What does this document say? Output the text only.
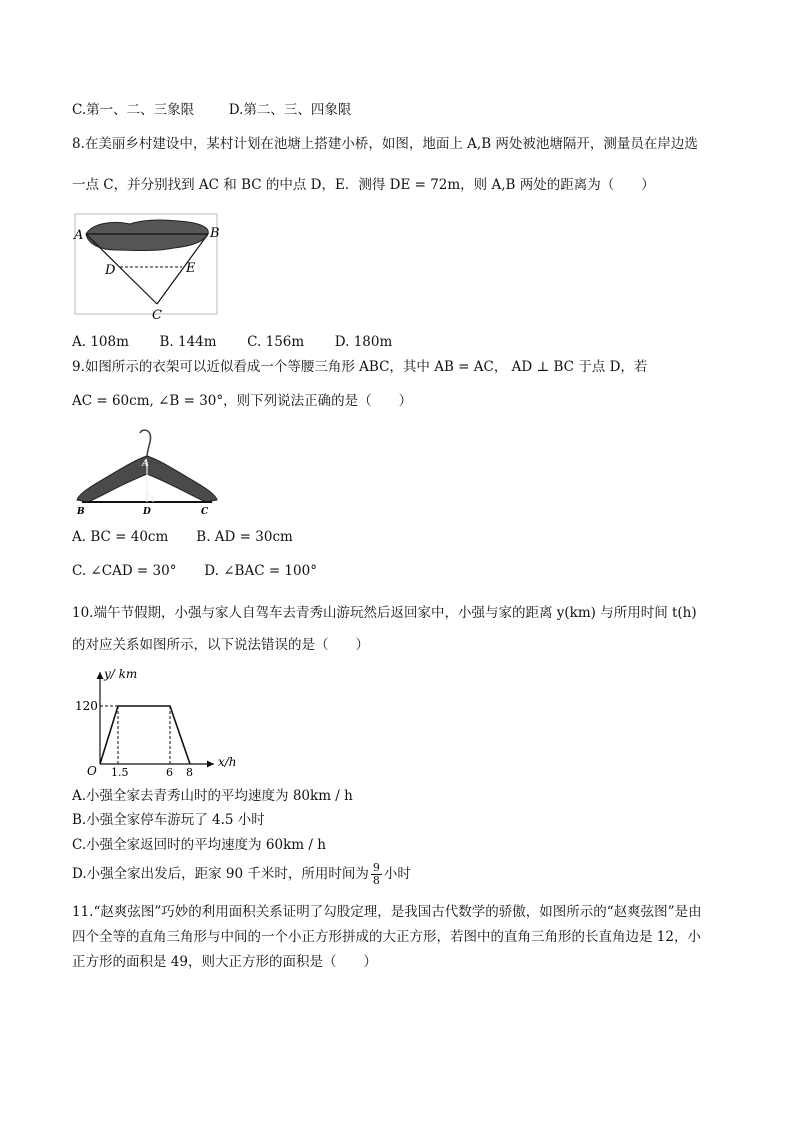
C.第一、二、三象限	D.第二、三、四象限
8.在美丽乡村建设中，某村计划在池塘上搭建小桥，如图，地面上 A,B 两处被池塘隔开，测量员在岸边选
一点 C，并分别找到 AC 和 BC 的中点 D，E．测得 DE = 72m，则 A,B 两处的距离为（　　）
A	B
D	E
C
A. 108m B. 144m C. 156m D. 180m
9.如图所示的衣架可以近似看成一个等腰三角形 ABC，其中 AB = AC， AD ⊥ BC 于点 D，若
AC = 60cm, ∠B = 30°，则下列说法正确的是（　　）
A
B	D	C
A. BC = 40cm B. AD = 30cm
C. ∠CAD = 30° D. ∠BAC = 100°
10.端午节假期，小强与家人自驾车去青秀山游玩然后返回家中，小强与家的距离 y(km) 与所用时间 t(h)
的对应关系如图所示，以下说法错误的是（　　）
y/ km
x/h
120
O 1.5	6 8
A.小强全家去青秀山时的平均速度为 80km / h
B.小强全家停车游玩了 4.5 小时
C.小强全家返回时的平均速度为 60km / h
D.小强全家出发后，距家 90 千米时，所用时间为 $\frac{9}{8}$ 小时
11.“赵爽弦图”巧妙的利用面积关系证明了勾股定理，是我国古代数学的骄傲，如图所示的“赵爽弦图”是由
四个全等的直角三角形与中间的一个小正方形拼成的大正方形，若图中的直角三角形的长直角边是 12，小
正方形的面积是 49，则大正方形的面积是（　　）
